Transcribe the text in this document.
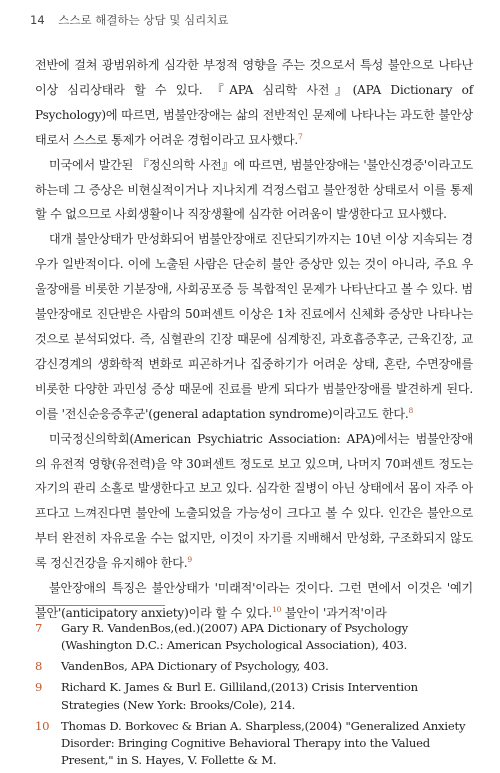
14 스스로 해결하는 상담 및 심리치료

전반에 걸쳐 광범위하게 심각한 부정적 영향을 주는 것으로서 특성 불안으로 나타난 이상 심리상태라 할 수 있다. 『APA 심리학 사전』(APA Dictionary of Psychology)에 따르면, 범불안장애는 삶의 전반적인 문제에 나타나는 과도한 불안상태로서 스스로 통제가 어려운 경험이라고 묘사했다.$^7$

미국에서 발간된 『정신의학 사전』에 따르면, 범불안장애는 '불안신경증'이라고도 하는데 그 증상은 비현실적이거나 지나치게 걱정스럽고 불안정한 상태로서 이를 통제할 수 없으므로 사회생활이나 직장생활에 심각한 어려움이 발생한다고 묘사했다.

대개 불안상태가 만성화되어 범불안장애로 진단되기까지는 10년 이상 지속되는 경우가 일반적이다. 이에 노출된 사람은 단순히 불안 증상만 있는 것이 아니라, 주요 우울장애를 비롯한 기분장애, 사회공포증 등 복합적인 문제가 나타난다고 볼 수 있다. 범불안장애로 진단받은 사람의 50퍼센트 이상은 1차 진료에서 신체화 증상만 나타나는 것으로 분석되었다. 즉, 심혈관의 긴장 때문에 심계항진, 과호흡증후군, 근육긴장, 교감신경계의 생화학적 변화로 피곤하거나 집중하기가 어려운 상태, 혼란, 수면장애를 비롯한 다양한 과민성 증상 때문에 진료를 받게 되다가 범불안장애를 발견하게 된다. 이를 '전신순응증후군'(general adaptation syndrome)이라고도 한다.$^8$

미국정신의학회(American Psychiatric Association: APA)에서는 범불안장애의 유전적 영향(유전력)을 약 30퍼센트 정도로 보고 있으며, 나머지 70퍼센트 정도는 자기의 관리 소홀로 발생한다고 보고 있다. 심각한 질병이 아닌 상태에서 몸이 자주 아프다고 느껴진다면 불안에 노출되었을 가능성이 크다고 볼 수 있다. 인간은 불안으로부터 완전히 자유로울 수는 없지만, 이것이 자기를 지배해서 만성화, 구조화되지 않도록 정신건강을 유지해야 한다.$^9$

불안장애의 특징은 불안상태가 '미래적'이라는 것이다. 그런 면에서 이것은 '예기 불안'(anticipatory anxiety)이라 할 수 있다.$^{10}$ 불안이 '과거적'이라

7	Gary R. VandenBos,(ed.)(2007) APA Dictionary of Psychology (Washington D.C.: American Psychological Association), 403.
8	VandenBos, APA Dictionary of Psychology, 403.
9	Richard K. James & Burl E. Gilliland,(2013) Crisis Intervention Strategies (New York: Brooks/Cole), 214.
10	Thomas D. Borkovec & Brian A. Sharpless,(2004) "Generalized Anxiety Disorder: Bringing Cognitive Behavioral Therapy into the Valued Present," in S. Hayes, V. Follette & M.
